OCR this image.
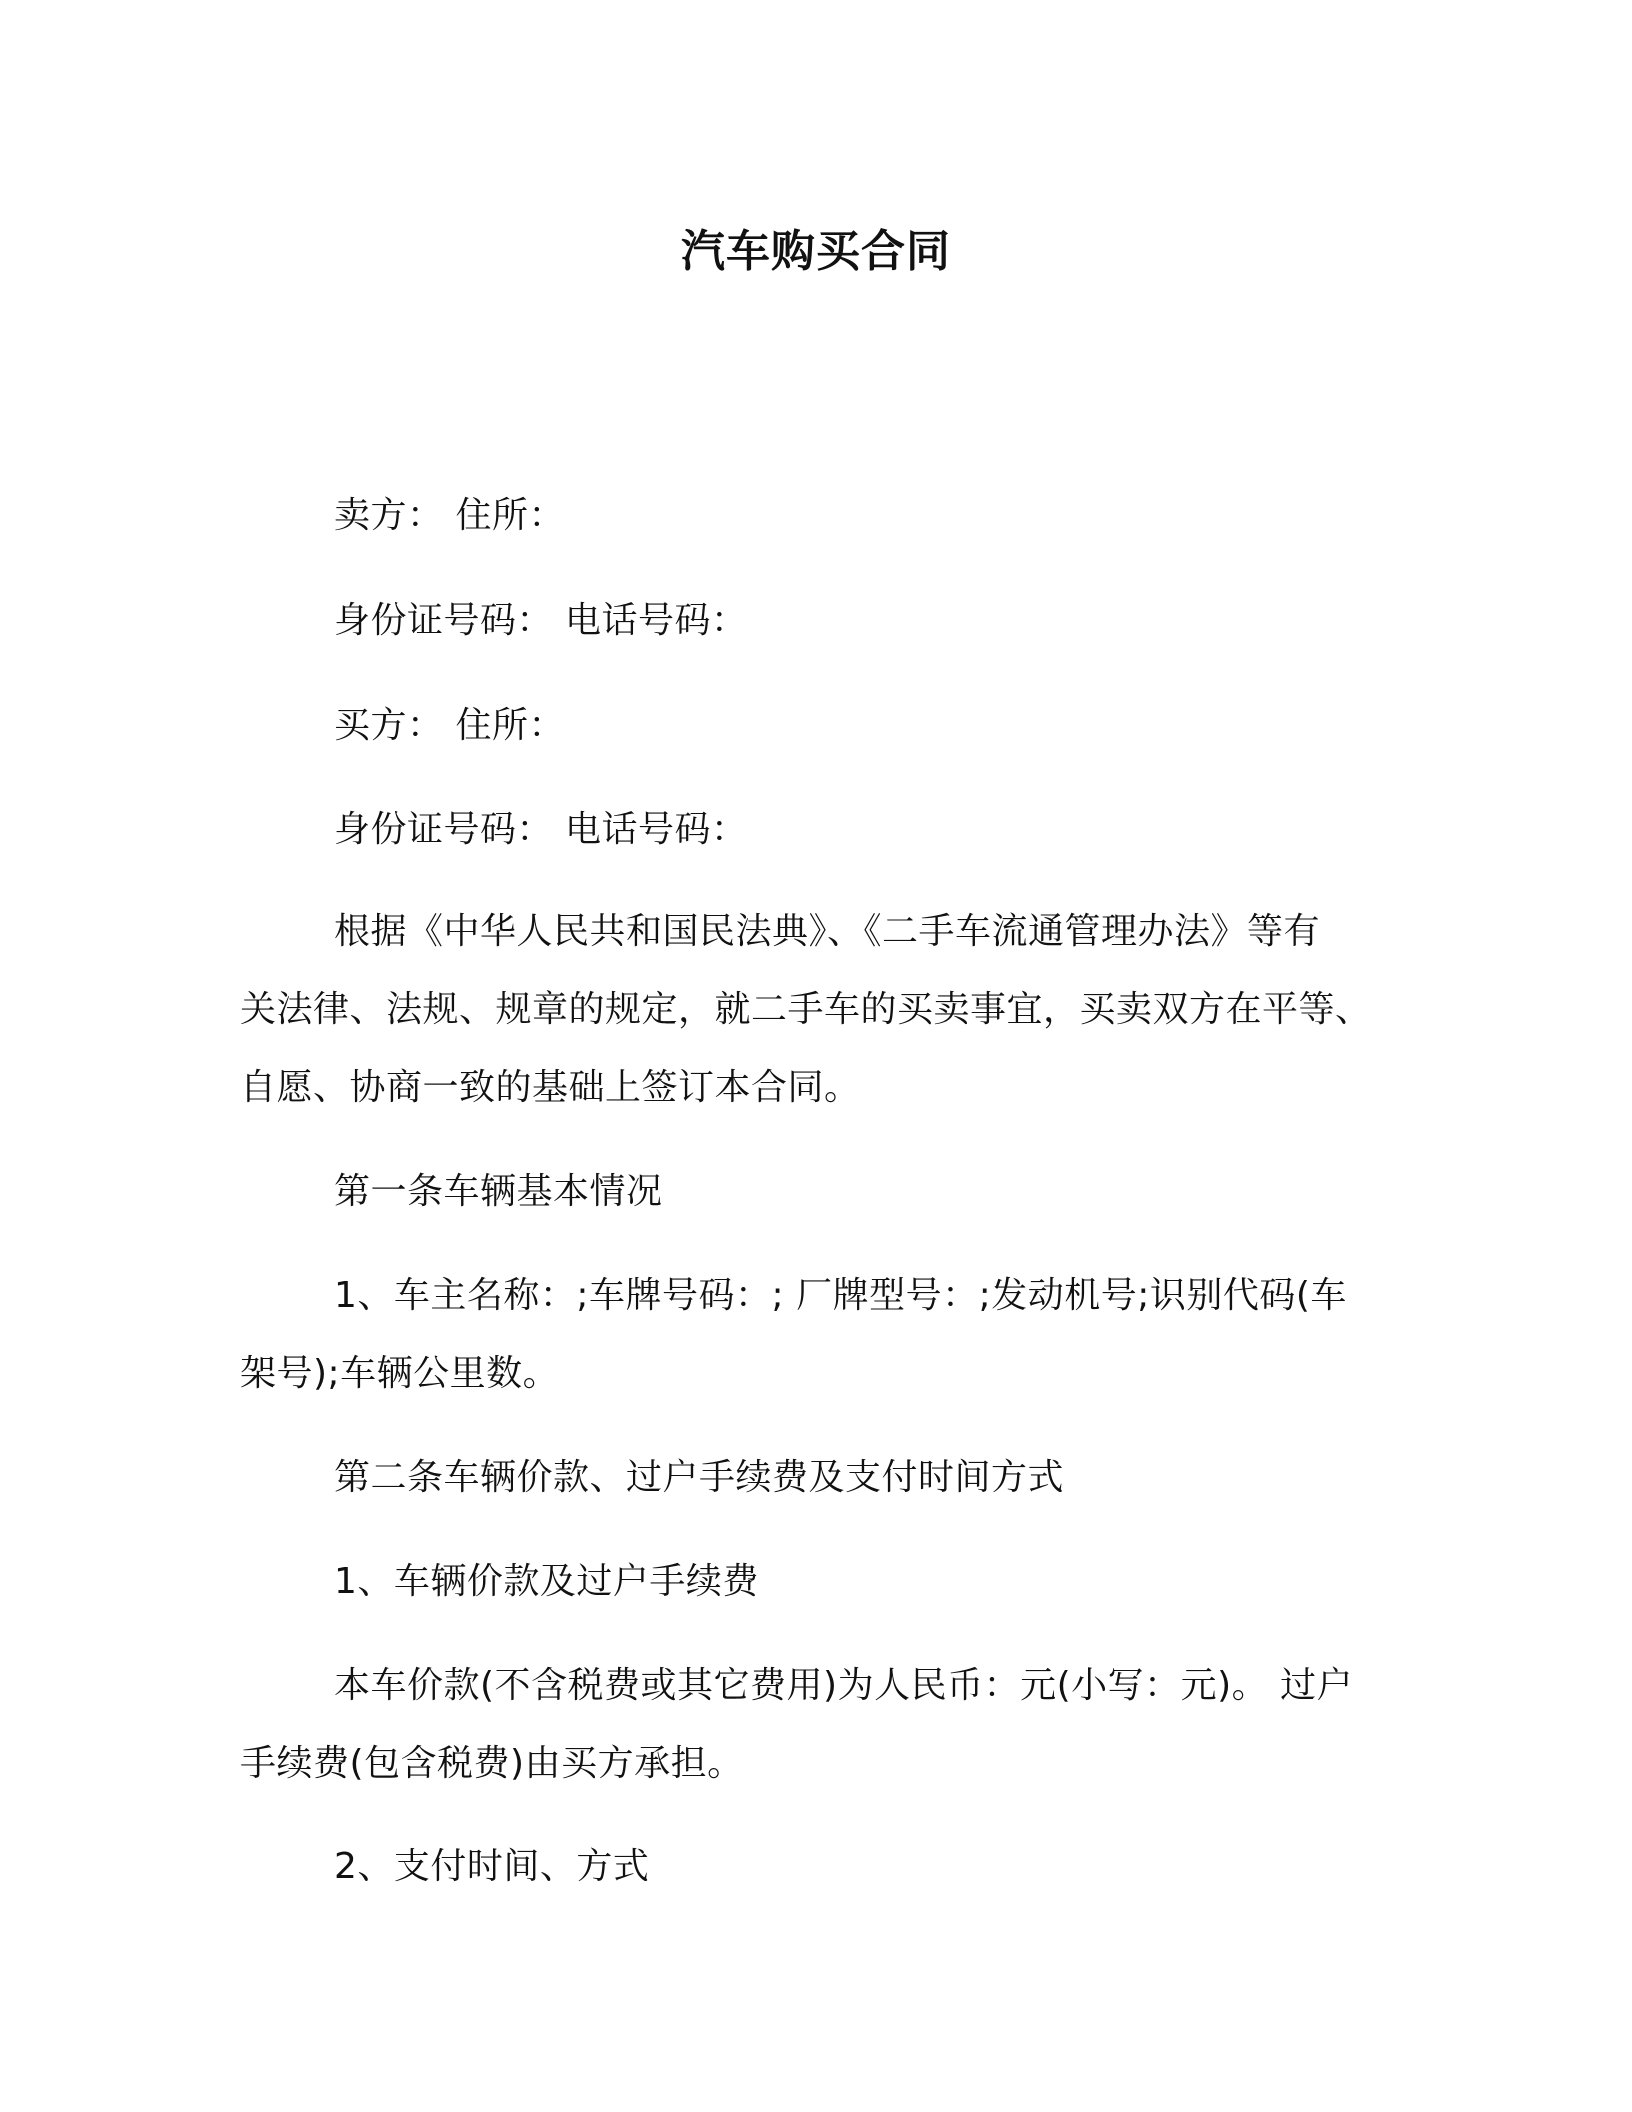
汽车购买合同
卖方： 住所：
身份证号码： 电话号码：
买方： 住所：
身份证号码： 电话号码：
根据《中华人民共和国民法典》、《二手车流通管理办法》等有
关法律、法规、规章的规定，就二手车的买卖事宜，买卖双方在平等、
自愿、协商一致的基础上签订本合同。
第一条车辆基本情况
1、车主名称：;车牌号码：; 厂牌型号：;发动机号;识别代码(车
架号);车辆公里数。
第二条车辆价款、过户手续费及支付时间方式
1、车辆价款及过户手续费
本车价款(不含税费或其它费用)为人民币：元(小写：元)。 过户
手续费(包含税费)由买方承担。
2、支付时间、方式
